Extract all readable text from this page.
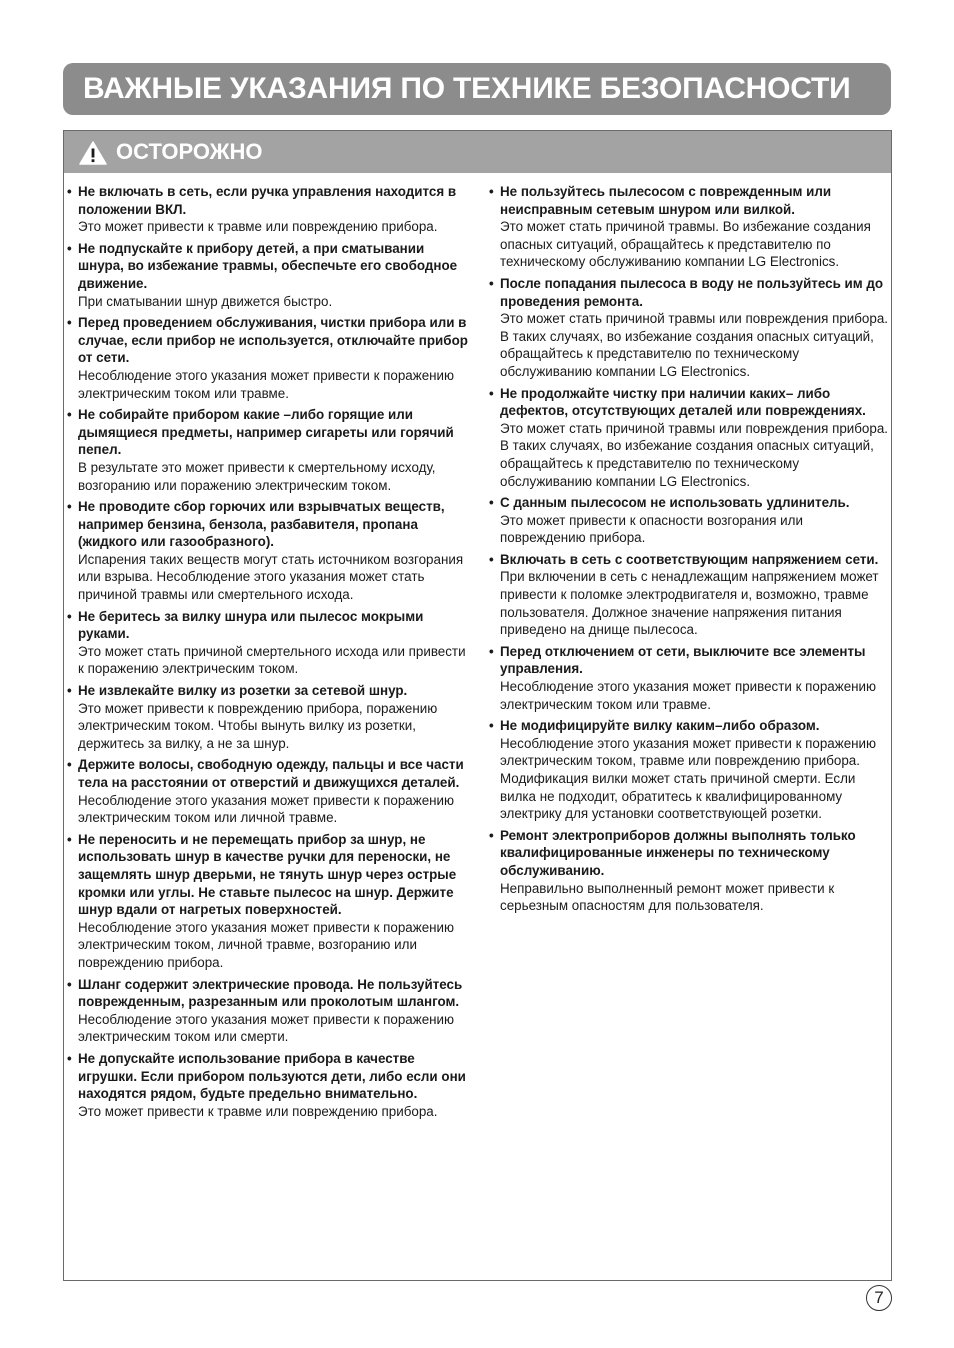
ВАЖНЫЕ УКАЗАНИЯ ПО ТЕХНИКЕ БЕЗОПАСНОСТИ
ОСТОРОЖНО
• Не включать в сеть, если ручка управления находится в положении ВКЛ.
Это может привести к травме или повреждению прибора.
• Не подпускайте к прибору детей, а при сматывании шнура, во избежание травмы, обеспечьте его свободное движение.
При сматывании шнур движется быстро.
• Перед проведением обслуживания, чистки прибора или в случае, если прибор не используется, отключайте прибор от сети.
Несоблюдение этого указания может привести к поражению электрическим током или травме.
• Не собирайте прибором какие –либо горящие или дымящиеся предметы, например сигареты или горячий пепел.
В результате это может привести к смертельному исходу, возгоранию или поражению электрическим током.
• Не проводите сбор горючих или взрывчатых веществ, например бензина, бензола, разбавителя, пропана (жидкого или газообразного).
Испарения таких веществ могут стать источником возгорания или взрыва. Несоблюдение этого указания может стать причиной травмы или смертельного исхода.
• Не беритесь за вилку шнура или пылесос мокрыми руками.
Это может стать причиной смертельного исхода или привести к поражению электрическим током.
• Не извлекайте вилку из розетки за сетевой шнур.
Это может привести к повреждению прибора, поражению электрическим током. Чтобы вынуть вилку из розетки, держитесь за вилку, а не за шнур.
• Держите волосы, свободную одежду, пальцы и все части тела на расстоянии от отверстий и движущихся деталей.
Несоблюдение этого указания может привести к поражению
электрическим током или личной травме.
• Не переносить и не перемещать прибор за шнур, не использовать шнур в качестве ручки для переноски, не защемлять шнур дверьми, не тянуть шнур через острые кромки или углы. Не ставьте пылесос на шнур. Держите шнур вдали от нагретых поверхностей.
Несоблюдение этого указания может привести к поражению электрическим током, личной травме, возгоранию или повреждению прибора.
• Шланг содержит электрические провода. Не пользуйтесь поврежденным, разрезанным или проколотым шлангом.
Несоблюдение этого указания может привести к поражению электрическим током или смерти.
• Не допускайте использование прибора в качестве игрушки. Если прибором пользуются дети, либо если они находятся рядом, будьте предельно внимательно.
Это может привести к травме или повреждению прибора.
• Не пользуйтесь пылесосом с поврежденным или неисправным сетевым шнуром или вилкой.
Это может стать причиной травмы. Во избежание создания опасных ситуаций, обращайтесь к представителю по техническому обслуживанию компании LG Electronics.
• После попадания пылесоса в воду не пользуйтесь им до проведения ремонта.
Это может стать причиной травмы или повреждения прибора. В таких случаях, во избежание создания опасных ситуаций, обращайтесь к представителю по техническому обслуживанию компании LG Electronics.
• Не продолжайте чистку при наличии каких– либо дефектов, отсутствующих деталей или повреждениях.
Это может стать причиной травмы или повреждения прибора. В таких случаях, во избежание создания опасных ситуаций, обращайтесь к представителю по техническому обслуживанию компании LG Electronics.
• С данным пылесосом не использовать удлинитель.
Это может привести к опасности возгорания или повреждению прибора.
• Включать в сеть с соответствующим напряжением сети.
При включении в сеть с ненадлежащим напряжением может привести к поломке электродвигателя и, возможно, травме пользователя. Должное значение напряжения питания приведено на днище пылесоса.
• Перед отключением от сети, выключите все элементы управления.
Несоблюдение этого указания может привести к поражению электрическим током или травме.
• Не модифицируйте вилку каким–либо образом.
Несоблюдение этого указания может привести к поражению
электрическим током, травме или повреждению прибора.
Модификация вилки может стать причиной смерти. Если вилка не подходит, обратитесь к квалифицированному электрику для установки соответствующей розетки.
• Ремонт электроприборов должны выполнять только квалифицированные инженеры по техническому обслуживанию.
Неправильно выполненный ремонт может привести к серьезным опасностям для пользователя.
7
